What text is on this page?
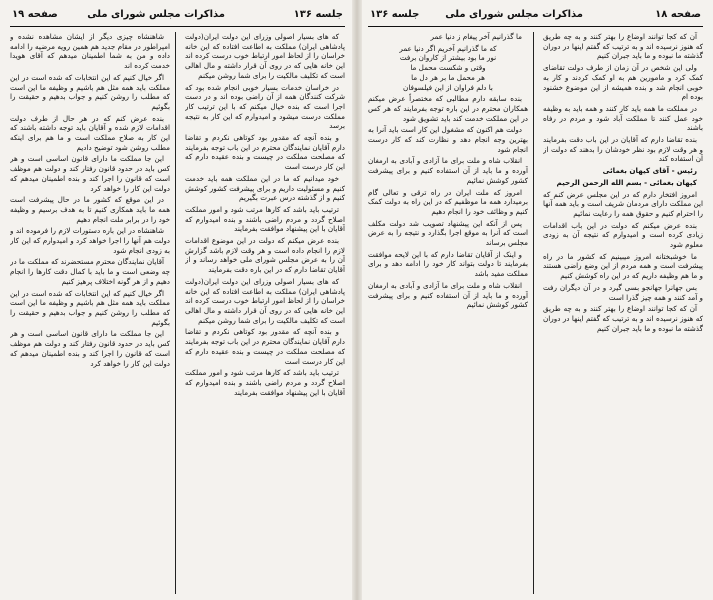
صفحه ۱۹	مذاکرات مجلس شورای ملی	جلسه ۱۳۶

که های بسیار اصولی وزرای این دولت ایران(دولت پادشاهی ایران) مملکت به اطاعت افتاده که این خانه خراسان را از لحاظ امور ارتباط خوب درست کرده اند این خانه هایی که در روی آن قرار داشته و مال اهالی است که تکلیف مالکیت را برای شما روشن میکنم

در خراسان خدمات بسیار خوبی انجام شده بود که شرکت کنندگان همه از آن راضی بوده اند و در دست اجرا است که بنده خیال میکنم که با این ترتیب کار مملکت درست میشود و امیدوارم که این کار به نتیجه برسد

و بنده آنچه که مقدور بود کوتاهی نکردم و تقاضا دارم آقایان نمایندگان محترم در این باب توجه بفرمایند که مصلحت مملکت در چیست و بنده عقیده دارم که این کار درست است

خود میدانیم که ما در این مملکت همه باید خدمت کنیم و مسئولیت داریم و برای پیشرفت کشور کوشش کنیم و از گذشته درس عبرت بگیریم

ترتیب باید باشد که کارها مرتب شود و امور مملکت اصلاح گردد و مردم راضی باشند و بنده امیدوارم که آقایان با این پیشنهاد موافقت بفرمایند

بنده عرض میکنم که دولت در این موضوع اقدامات لازم را انجام داده است و هر وقت لازم باشد گزارش آن را به عرض مجلس شورای ملی خواهد رساند و از آقایان تقاضا دارم که در این باره دقت بفرمایند

که های بسیار اصولی وزرای این دولت ایران(دولت پادشاهی ایران) مملکت به اطاعت افتاده که این خانه خراسان را از لحاظ امور ارتباط خوب درست کرده اند این خانه هایی که در روی آن قرار داشته و مال اهالی است که تکلیف مالکیت را برای شما روشن میکنم

و بنده آنچه که مقدور بود کوتاهی نکردم و تقاضا دارم آقایان نمایندگان محترم در این باب توجه بفرمایند که مصلحت مملکت در چیست و بنده عقیده دارم که این کار درست است

ترتیب باید باشد که کارها مرتب شود و امور مملکت اصلاح گردد و مردم راضی باشند و بنده امیدوارم که آقایان با این پیشنهاد موافقت بفرمایند

شاهنشاه چیزی دیگر از ایشان مشاهده نشده و امپراطور در مقام جدید هم همین رویه مرضیه را ادامه داده و من به شما اطمینان میدهم که آقای هویدا خدمت کرده اند

اگر خیال کنیم که این انتخابات که شده است در این مملکت باید همه مثل هم باشیم و وظیفه ما این است که مطلب را روشن کنیم و جواب بدهیم و حقیقت را بگوئیم

بنده عرض کنم که در هر حال از طرف دولت اقدامات لازم شده و آقایان باید توجه داشته باشند که این کار به صلاح مملکت است و ما هم برای اینکه مطلب روشن شود توضیح دادیم

این جا مملکت ما دارای قانون اساسی است و هر کس باید در حدود قانون رفتار کند و دولت هم موظف است که قانون را اجرا کند و بنده اطمینان میدهم که دولت این کار را خواهد کرد

در این موقع که کشور ما در حال پیشرفت است همه ما باید همکاری کنیم تا به هدف برسیم و وظیفه خود را در برابر ملت انجام دهیم

شاهنشاه در این باره دستورات لازم را فرموده اند و دولت هم آنها را اجرا خواهد کرد و امیدوارم که این کار به زودی انجام شود

آقایان نمایندگان محترم مستحضرند که مملکت ما در چه وضعی است و ما باید با کمال دقت کارها را انجام دهیم و از هر گونه اختلاف پرهیز کنیم

اگر خیال کنیم که این انتخابات که شده است در این مملکت باید همه مثل هم باشیم و وظیفه ما این است که مطلب را روشن کنیم و جواب بدهیم و حقیقت را بگوئیم

این جا مملکت ما دارای قانون اساسی است و هر کس باید در حدود قانون رفتار کند و دولت هم موظف است که قانون را اجرا کند و بنده اطمینان میدهم که دولت این کار را خواهد کرد

صفحه ۱۸
مذاکرات مجلس شورای ملی
جلسه ۱۳۶

آن که کجا توانند اوضاع را بهتر کنند و به چه طریق که هنوز نرسیده اند و به ترتیب که گفتم اینها در دوران گذشته ما نبوده و ما باید جبران کنیم

ولی این شخص در آن زمان از طرف دولت تقاضای کمک کرد و مامورین هم به او کمک کردند و کار به خوبی انجام شد و بنده همیشه از این موضوع خشنود بوده ام

در مملکت ما همه باید کار کنند و همه باید به وظیفه خود عمل کنند تا مملکت آباد شود و مردم در رفاه باشند

بنده تقاضا دارم که آقایان در این باب دقت بفرمایند و هر وقت لازم بود نظر خودشان را بدهند که دولت از آن استفاده کند

رئیس - آقای کیهان بغمائی

کیهان بغمائی - بسم الله الرحمن الرحیم

امروز افتخار دارم که در این مجلس عرض کنم که این مملکت دارای مردمان شریف است و باید همه آنها را احترام کنیم و حقوق همه را رعایت نمائیم

بنده عرض میکنم که دولت در این باب اقدامات زیادی کرده است و امیدوارم که نتیجه آن به زودی معلوم شود

ما خوشبختانه امروز میبینیم که کشور ما در راه پیشرفت است و همه مردم از این وضع راضی هستند و ما هم وظیفه داریم که در این راه کوشش کنیم

بس جهانرا جهانجو بسی گیرد و در آن دیگران رفت و آمد کنند و همه چیز گذرا است

آن که کجا توانند اوضاع را بهتر کنند و به چه طریق که هنوز نرسیده اند و به ترتیب که گفتم اینها در دوران گذشته ما نبوده و ما باید جبران کنیم

ما گذرانیم آخر پیغام ز دنیا عمر

که ما گذرانیم آخریم اگر دنیا عمر
نور ما بود بیشتر از کاروان برفت
وقتی و شکست محمل ما
هر محمل ما بر هر دل ما
با دلم فراوان از این فیلسوفان

بنده سابقه دارم مطالبی که مختصراً عرض میکنم همکاران محترم در این باره توجه بفرمایند که هر کس در این مملکت خدمت کند باید تشویق شود

دولت هم اکنون که مشغول این کار است باید آنرا به بهترین وجه انجام دهد و نظارت کند که کار درست انجام شود

انقلاب شاه و ملت برای ما آزادی و آبادی به ارمغان آورده و ما باید از آن استفاده کنیم و برای پیشرفت کشور کوشش نمائیم

امروز که ملت ایران در راه ترقی و تعالی گام برمیدارد همه ما موظفیم که در این راه به دولت کمک کنیم و وظائف خود را انجام دهیم

پس از آنکه این پیشنهاد تصویب شد دولت مکلف است که آنرا به موقع اجرا بگذارد و نتیجه را به عرض مجلس برساند

و اینک از آقایان تقاضا دارم که با این لایحه موافقت بفرمایند تا دولت بتواند کار خود را ادامه دهد و برای مملکت مفید باشد

انقلاب شاه و ملت برای ما آزادی و آبادی به ارمغان آورده و ما باید از آن استفاده کنیم و برای پیشرفت کشور کوشش نمائیم
